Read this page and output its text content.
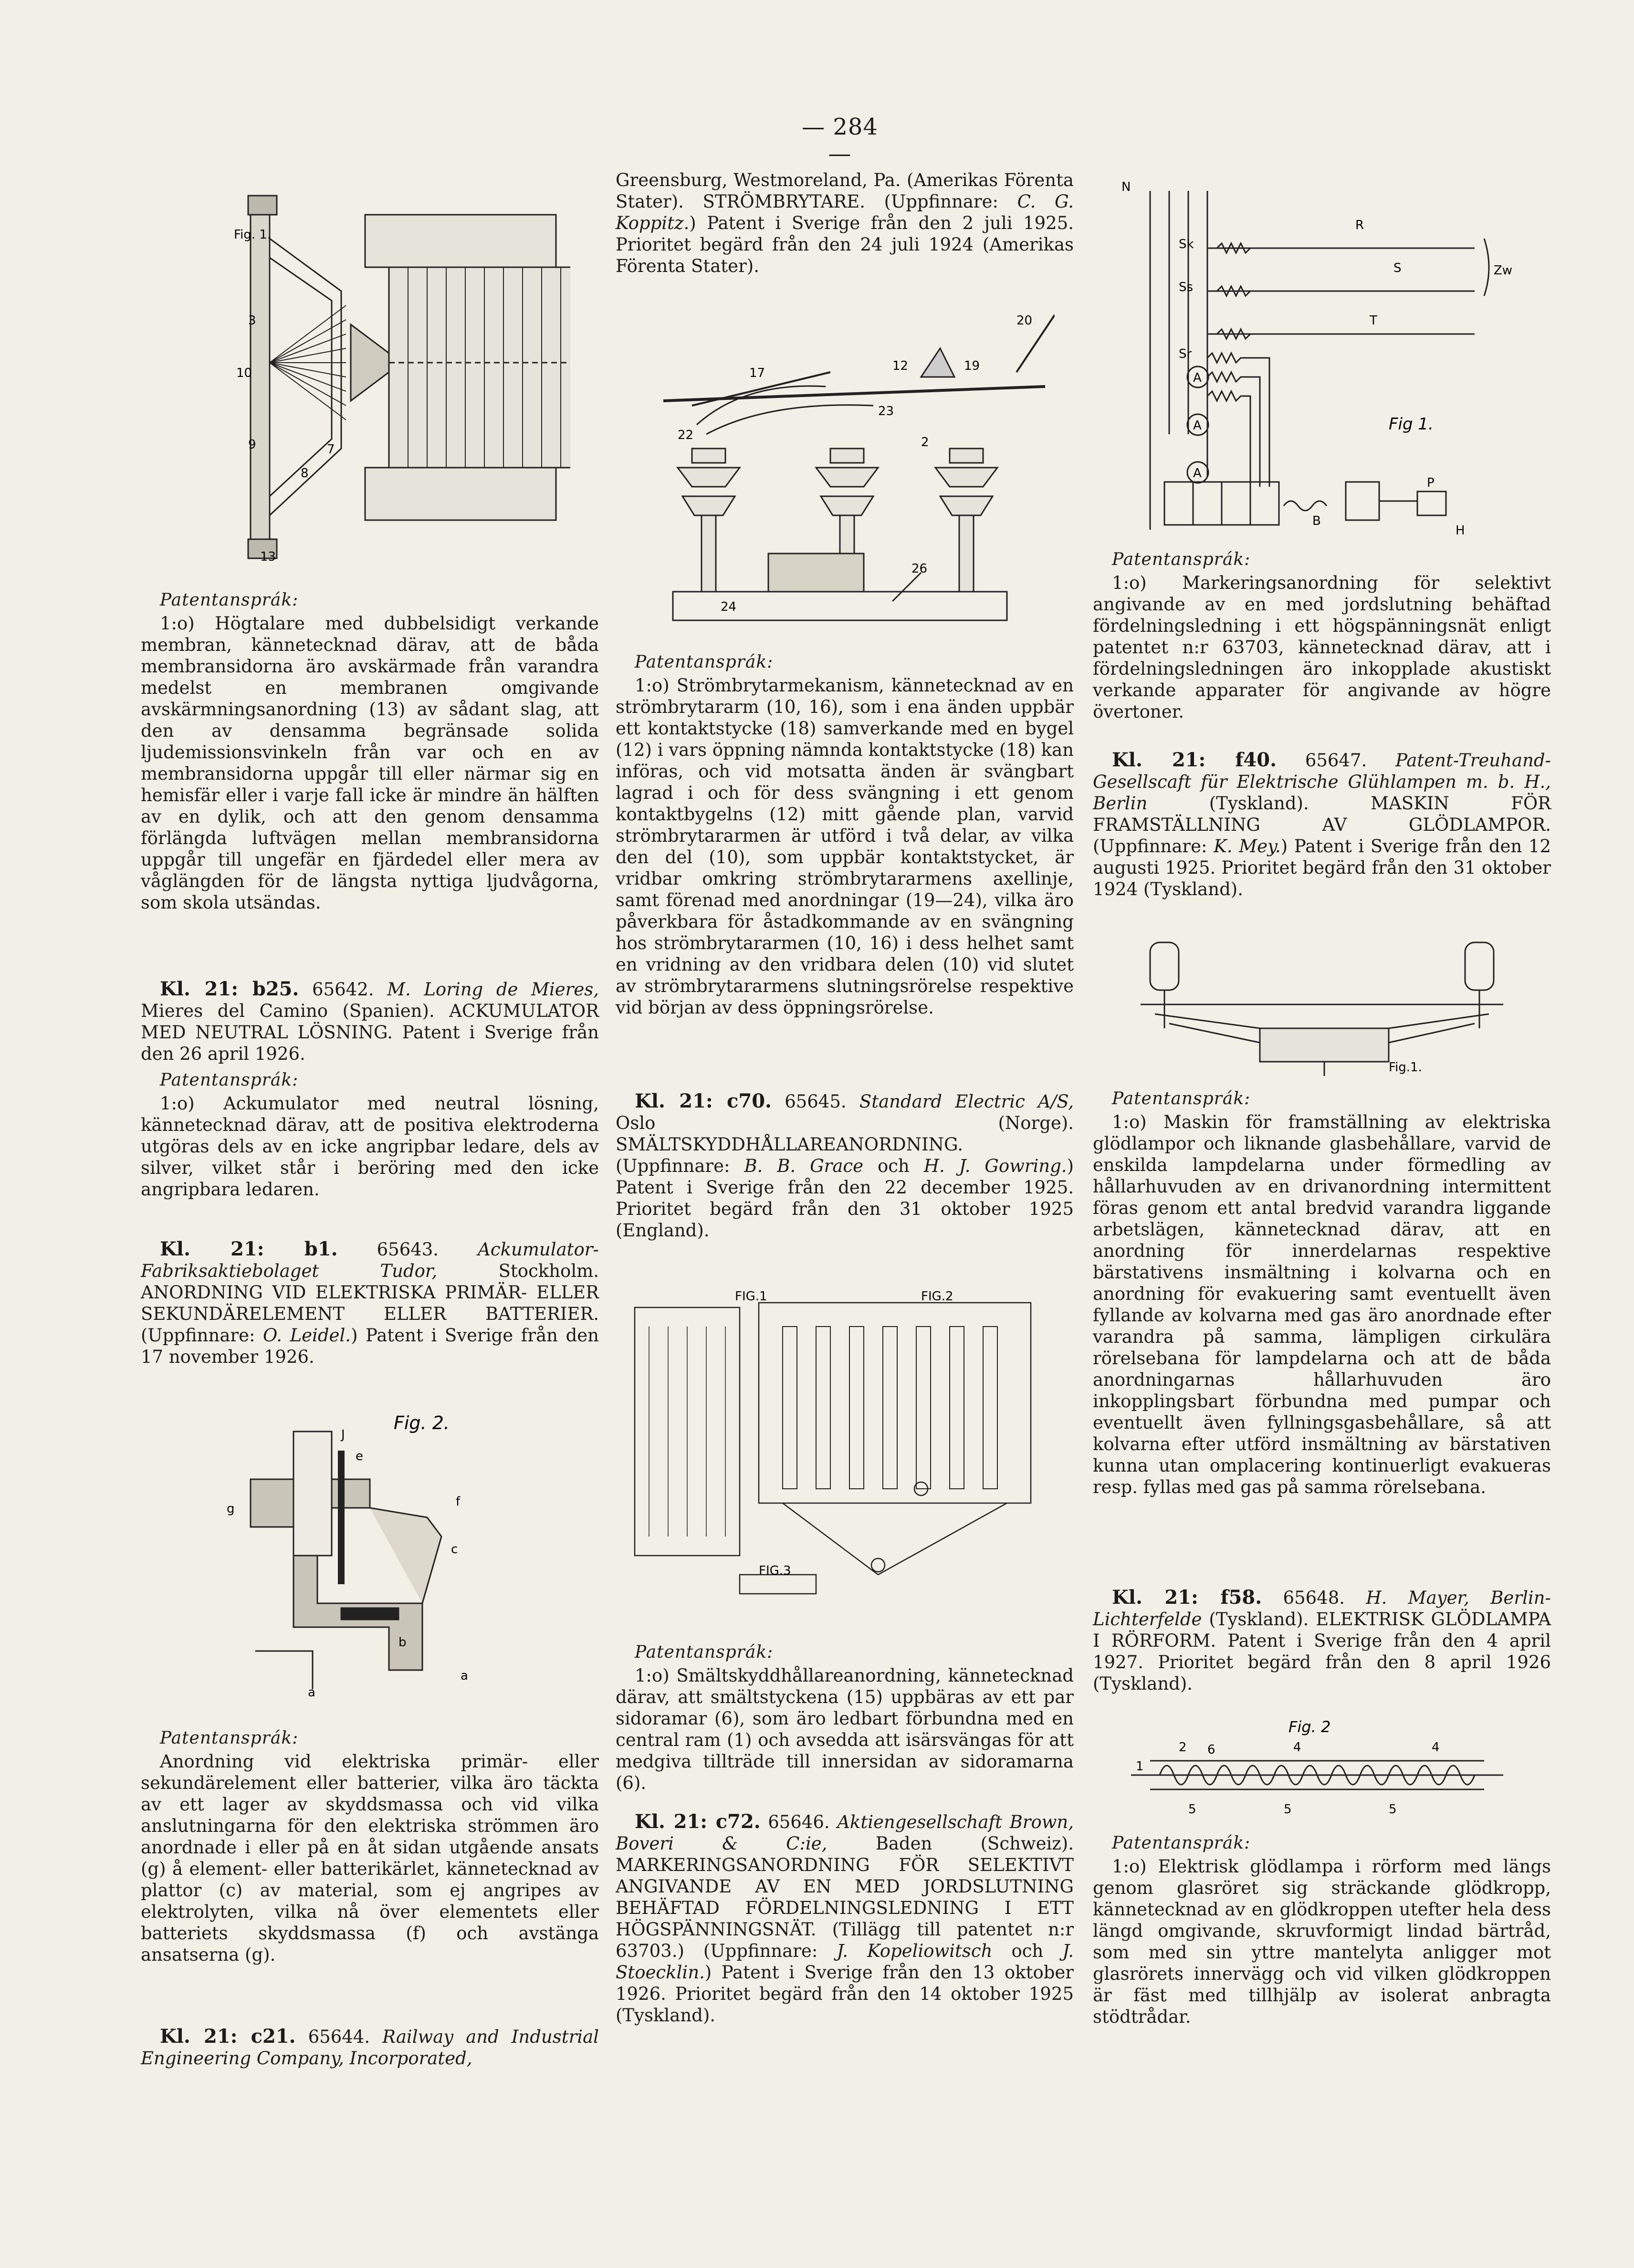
— 284 —
Fig. 1.
3
10
9
8
7
13

Patentansprák:

1:o) Högtalare med dubbelsidigt verkande membran, kännetecknad därav, att de båda membransidorna äro avskärmade från varandra medelst en membranen omgivande avskärmningsanordning (13) av sådant slag, att den av densamma begränsade solida ljudemissionsvinkeln från var och en av membransidorna uppgår till eller närmar sig en hemisfär eller i varje fall icke är mindre än hälften av en dylik, och att den genom densamma förlängda luftvägen mellan membransidorna uppgår till ungefär en fjärdedel eller mera av våglängden för de längsta nyttiga ljudvågorna, som skola utsändas.

Kl. 21: b25. 65642. M. Loring de Mieres, Mieres del Camino (Spanien). ACKUMULATOR MED NEUTRAL LÖSNING. Patent i Sverige från den 26 april 1926.

Patentansprák:

1:o) Ackumulator med neutral lösning, kännetecknad därav, att de positiva elektroderna utgöras dels av en icke angripbar ledare, dels av silver, vilket står i beröring med den icke angripbara ledaren.

Kl. 21: b1. 65643. Ackumulator-Fabriksaktiebolaget Tudor,	Stockholm. ANORDNING VID ELEKTRISKA PRIMÄR- ELLER SEKUNDÄRELEMENT ELLER BATTERIER. (Uppfinnare: O. Leidel.) Patent i Sverige från den 17 november 1926.

Fig. 2.
J
e
g	f
c
b
a
a

Patentansprák:

Anordning vid elektriska primär- eller sekundärelement eller batterier, vilka äro täckta av ett lager av skyddsmassa och vid vilka anslutningarna för den elektriska strömmen äro anordnade i eller på en åt sidan utgående ansats (g) å element- eller batterikärlet, kännetecknad av plattor (c) av material, som ej angripes av elektrolyten, vilka nå över elementets eller batteriets skyddsmassa (f) och avstänga ansatserna (g).

Kl. 21: c21. 65644. Railway and Industrial Engineering Company, Incorporated,

Greensburg, Westmoreland, Pa. (Amerikas Förenta Stater). STRÖMBRYTARE. (Uppfinnare: C. G. Koppitz.) Patent i Sverige från den 2 juli 1925. Prioritet begärd från den 24 juli 1924 (Amerikas Förenta Stater).

20
17	12	19
23
22	2
24
26

Patentansprák:

1:o) Strömbrytarmekanism, kännetecknad av en strömbrytararm (10, 16), som i ena änden uppbär ett kontaktstycke (18) samverkande med en bygel (12) i vars öppning nämnda kontaktstycke (18) kan införas, och vid motsatta änden är svängbart lagrad i och för dess svängning i ett genom kontaktbygelns (12) mitt gående plan, varvid strömbrytararmen är utförd i två delar, av vilka den del (10), som uppbär kontaktstycket, är vridbar omkring strömbrytararmens axellinje, samt förenad med anordningar (19—24), vilka äro påverkbara för åstadkommande av en svängning hos strömbrytararmen (10, 16) i dess helhet samt en vridning av den vridbara delen (10) vid slutet av strömbrytararmens slutningsrörelse respektive vid början av dess öppningsrörelse.

Kl. 21: c70. 65645. Standard Electric A/S, Oslo (Norge). SMÄLTSKYDDHÅLLAREANORDNING. (Uppfinnare: B. B. Grace och H. J. Gowring.) Patent i Sverige från den 22 december 1925. Prioritet begärd från den 31 oktober 1925 (England).

FIG.1	FIG.2
FIG.3

Patentansprák:

1:o) Smältskyddhållareanordning, kännetecknad därav, att smältstyckena (15) uppbäras av ett par sidoramar (6), som äro ledbart förbundna med en central ram (1) och avsedda att isärsvängas för att medgiva tillträde till innersidan av sidoramarna (6).

Kl. 21: c72. 65646. Aktiengesellschaft Brown, Boveri & C:ie,	Baden (Schweiz). MARKERINGSANORDNING FÖR SELEKTIVT ANGIVANDE AV EN MED JORDSLUTNING BEHÄFTAD FÖRDELNINGSLEDNING I ETT HÖGSPÄNNINGSNÄT. (Tillägg till patentet n:r 63703.) (Uppfinnare: J. Kopeliowitsch och J. Stoecklin.) Patent i Sverige från den 13 oktober 1926. Prioritet begärd från den 14 oktober 1925 (Tyskland).

N
R
Sk
S	Zw
Ss
T
Sr
A
A
A
Fig 1.
B
P
H

Patentansprák:

1:o) Markeringsanordning för selektivt angivande av en med jordslutning behäftad fördelningsledning i ett högspänningsnät enligt patentet n:r 63703, kännetecknad därav, att i fördelningsledningen äro inkopplade akustiskt verkande apparater för angivande av högre övertoner.

Kl. 21: f40. 65647. Patent-Treuhand-Gesellscaft für Elektrische Glühlampen m. b. H., Berlin	(Tyskland). MASKIN FÖR FRAMSTÄLLNING AV GLÖDLAMPOR. (Uppfinnare: K. Mey.) Patent i Sverige från den 12 augusti 1925. Prioritet begärd från den 31 oktober 1924 (Tyskland).

Fig.1.

Patentansprák:

1:o) Maskin för framställning av elektriska glödlampor och liknande glasbehållare, varvid de enskilda lampdelarna under förmedling av hållarhuvuden av en drivanordning intermittent föras genom ett antal bredvid varandra liggande arbetslägen, kännetecknad därav, att en anordning för innerdelarnas respektive bärstativens insmältning i kolvarna och en anordning för evakuering samt eventuellt även fyllande av kolvarna med gas äro anordnade efter varandra på samma, lämpligen cirkulära rörelsebana för lampdelarna och att de båda anordningarnas hållarhuvuden äro inkopplingsbart förbundna med pumpar och eventuellt även fyllningsgasbehållare, så att kolvarna efter utförd insmältning av bärstativen kunna utan omplacering kontinuerligt evakueras resp. fyllas med gas på samma rörelsebana.

Kl. 21: f58. 65648. H. Mayer, Berlin-Lichterfelde (Tyskland). ELEKTRISK GLÖDLAMPA I RÖRFORM. Patent i Sverige från den 4 april 1927. Prioritet begärd från den 8 april 1926 (Tyskland).

Fig. 2
1
2 6	4	4
5	5	5

Patentansprák:

1:o) Elektrisk glödlampa i rörform med längs genom glasröret sig sträckande glödkropp, kännetecknad av en glödkroppen utefter hela dess längd omgivande, skruvformigt lindad bärtråd, som med sin yttre mantelyta anligger mot glasrörets innervägg och vid vilken glödkroppen är fäst med tillhjälp av isolerat anbragta stödtrådar.
